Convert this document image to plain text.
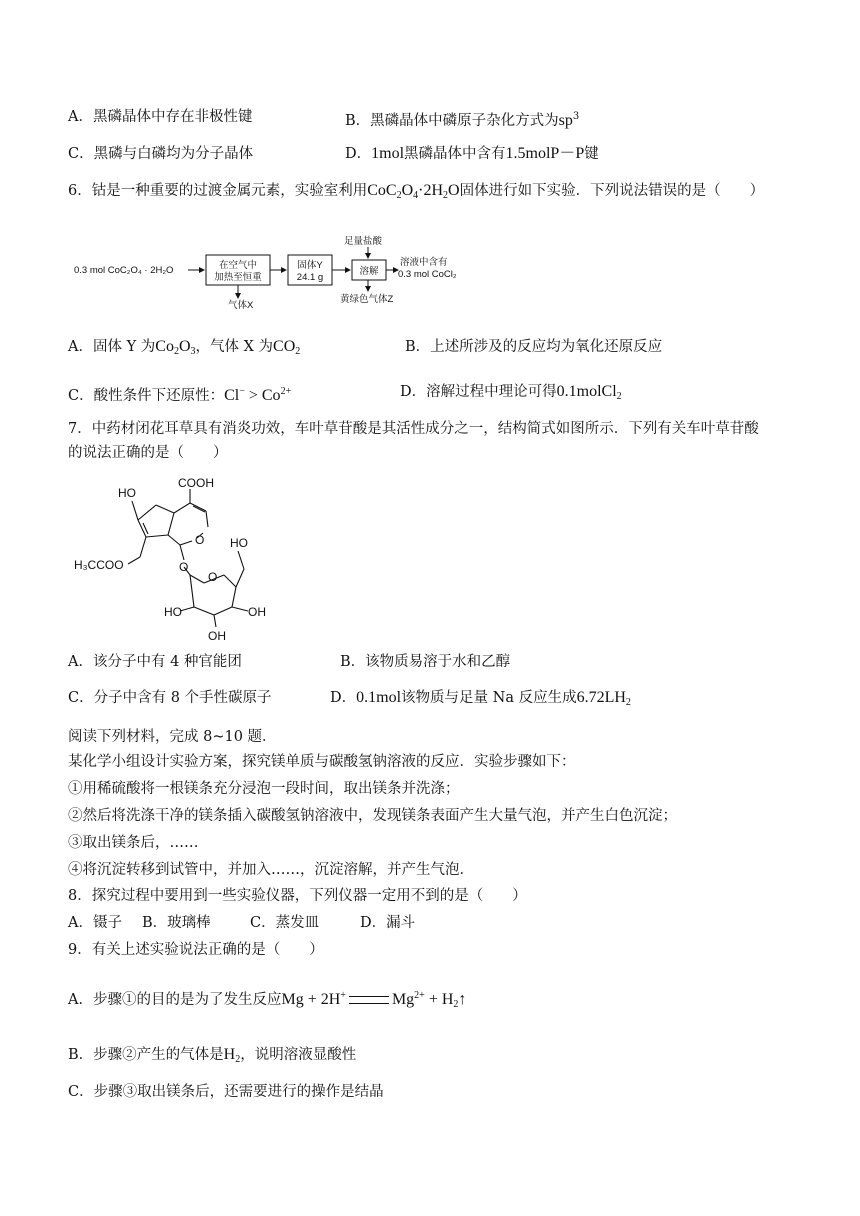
A．黑磷晶体中存在非极性键	B．黑磷晶体中磷原子杂化方式为$sp^3$
C．黑磷与白磷均为分子晶体	D．1mol黑磷晶体中含有1.5molP－P键
6．钴是一种重要的过渡金属元素，实验室利用$CoC_2O_4\cdot 2H_2O$固体进行如下实验．下列说法错误的是（　　）
0.3 mol CoC₂O₄ · 2H₂O	在空气中
加热至恒重
气体X
固体Y
24.1 g
足量盐酸
溶解
溶液中含有
0.3 mol CoCl₂
黄绿色气体Z
A．固体 Y 为$Co_2O_3$，气体 X 为$CO_2$	B．上述所涉及的反应均为氧化还原反应
C．酸性条件下还原性：$Cl^- > Co^{2+}$	D．溶解过程中理论可得0.1molCl$_2$
7．中药材闭花耳草具有消炎功效，车叶草苷酸是其活性成分之一，结构简式如图所示．下列有关车叶草苷酸
的说法正确的是（　　）
HO
COOH
HO
O
O
O
H₃CCOO
HO	OH
OH
A．该分子中有 4 种官能团	B．该物质易溶于水和乙醇
C．分子中含有 8 个手性碳原子	D．0.1mol该物质与足量 Na 反应生成$6.72LH_2$
阅读下列材料，完成 8~10 题．
某化学小组设计实验方案，探究镁单质与碳酸氢钠溶液的反应．实验步骤如下：
①用稀硫酸将一根镁条充分浸泡一段时间，取出镁条并洗涤；
②然后将洗涤干净的镁条插入碳酸氢钠溶液中，发现镁条表面产生大量气泡，并产生白色沉淀；
③取出镁条后，……
④将沉淀转移到试管中，并加入……，沉淀溶解，并产生气泡．
8．探究过程中要用到一些实验仪器，下列仪器一定用不到的是（　　）
A．镊子 B．玻璃棒	C．蒸发皿	D．漏斗
9．有关上述实验说法正确的是（　　）
A．步骤①的目的是为了发生反应Mg + 2H+	$Mg^{2+}$ + $H_2↑$
B．步骤②产生的气体是$H_2$，说明溶液显酸性
C．步骤③取出镁条后，还需要进行的操作是结晶
